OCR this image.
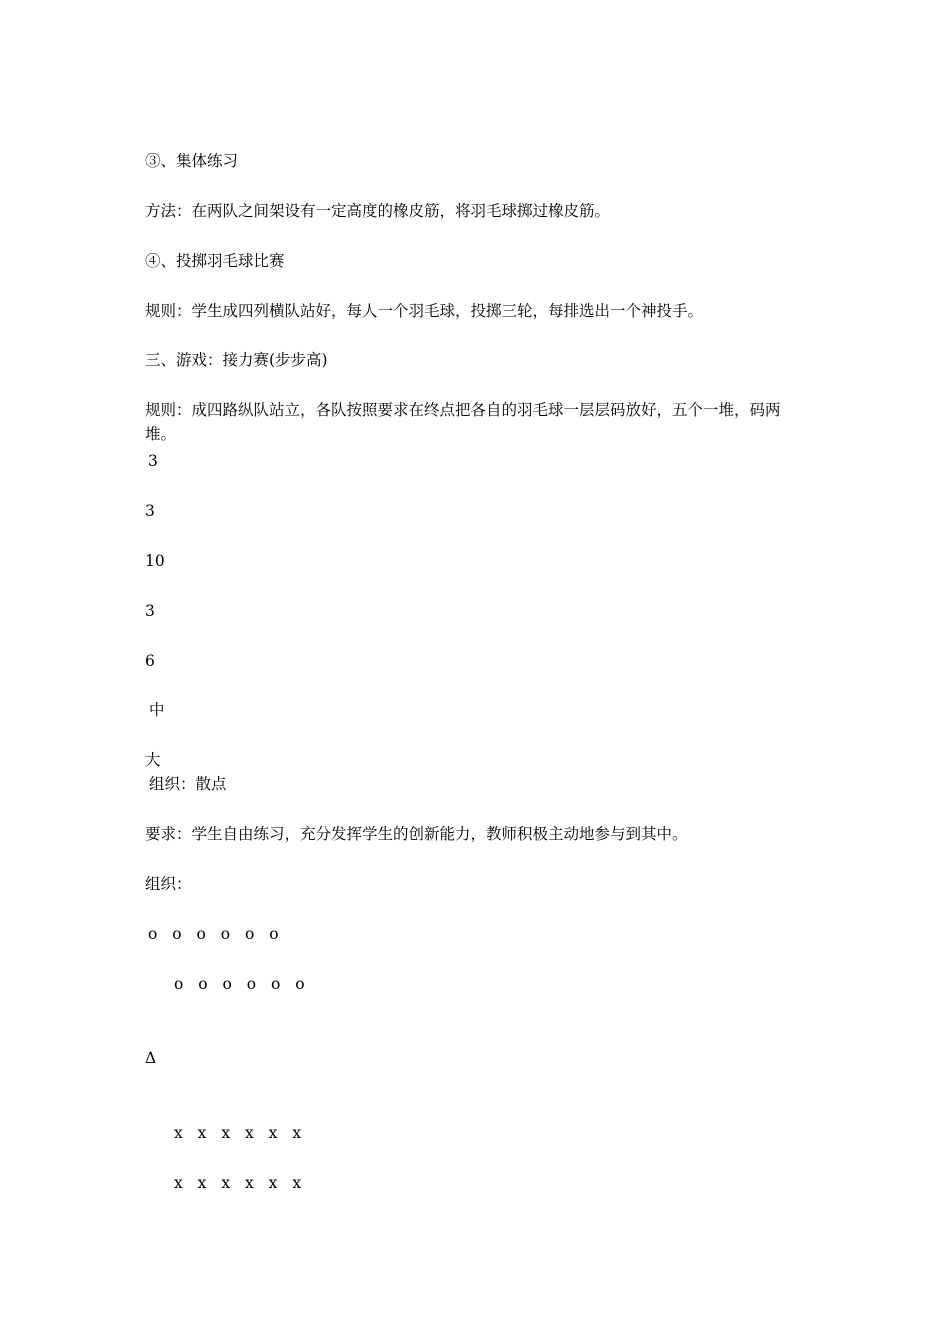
③、集体练习
方法：在两队之间架设有一定高度的橡皮筋，将羽毛球掷过橡皮筋。
④、投掷羽毛球比赛
规则：学生成四列横队站好，每人一个羽毛球，投掷三轮，每排选出一个神投手。
三、游戏：接力赛(步步高)
规则：成四路纵队站立，各队按照要求在终点把各自的羽毛球一层层码放好，五个一堆，码两堆。
3
3
10
3
6
中
大
组织：散点
要求：学生自由练习，充分发挥学生的创新能力，教师积极主动地参与到其中。
组织：
o o o o o o
o o o o o o
Δ
x x x x x x
x x x x x x
